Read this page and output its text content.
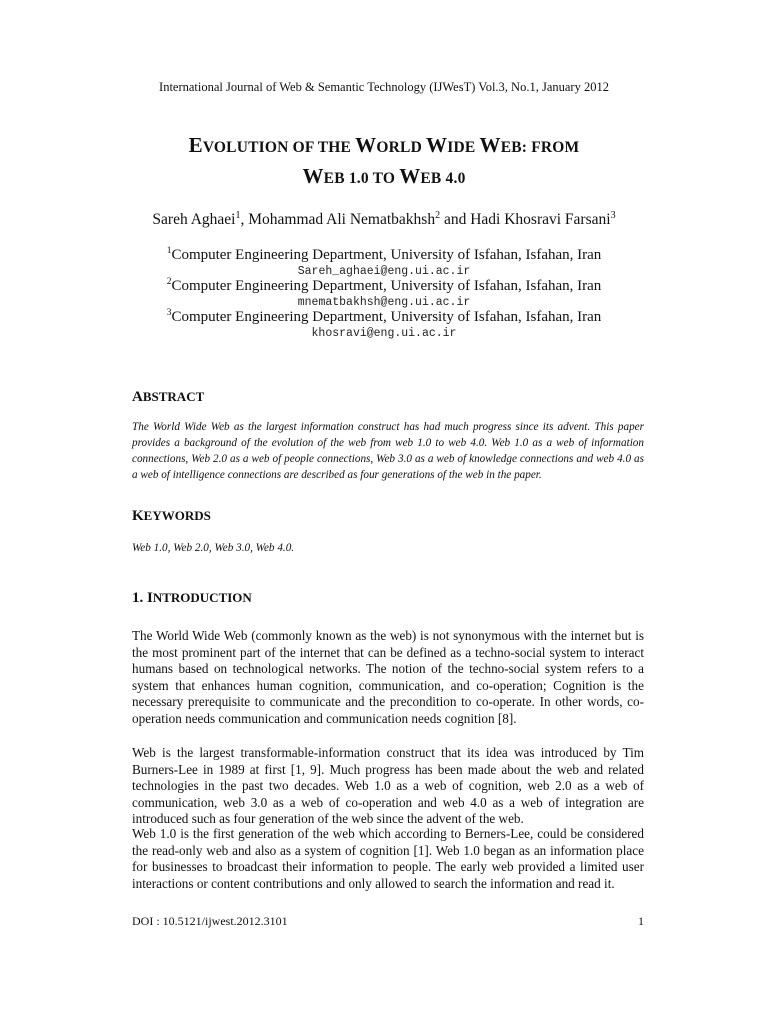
International Journal of Web & Semantic Technology (IJWesT) Vol.3, No.1, January 2012
EVOLUTION OF THE WORLD WIDE WEB: FROM
WEB 1.0 TO WEB 4.0
Sareh Aghaei$^1$, Mohammad Ali Nematbakhsh$^2$ and Hadi Khosravi Farsani$^3$
$^1$Computer Engineering Department, University of Isfahan, Isfahan, Iran
Sareh_aghaei@eng.ui.ac.ir
$^2$Computer Engineering Department, University of Isfahan, Isfahan, Iran
mnematbakhsh@eng.ui.ac.ir
$^3$Computer Engineering Department, University of Isfahan, Isfahan, Iran
khosravi@eng.ui.ac.ir
ABSTRACT
The World Wide Web as the largest information construct has had much progress since its advent. This paper provides a background of the evolution of the web from web 1.0 to web 4.0. Web 1.0 as a web of information connections, Web 2.0 as a web of people connections, Web 3.0 as a web of knowledge connections and web 4.0 as a web of intelligence connections are described as four generations of the web in the paper.
KEYWORDS
Web 1.0, Web 2.0, Web 3.0, Web 4.0.
1. INTRODUCTION

The World Wide Web (commonly known as the web) is not synonymous with the internet but is the most prominent part of the internet that can be defined as a techno-social system to interact humans based on technological networks. The notion of the techno-social system refers to a system that enhances human cognition, communication, and co-operation; Cognition is the necessary prerequisite to communicate and the precondition to co-operate. In other words, co-operation needs communication and communication needs cognition [8].

Web is the largest transformable-information construct that its idea was introduced by Tim Burners-Lee in 1989 at first [1, 9]. Much progress has been made about the web and related technologies in the past two decades. Web 1.0 as a web of cognition, web 2.0 as a web of communication, web 3.0 as a web of co-operation and web 4.0 as a web of integration are introduced such as four generation of the web since the advent of the web.

Web 1.0 is the first generation of the web which according to Berners-Lee, could be considered the read-only web and also as a system of cognition [1]. Web 1.0 began as an information place for businesses to broadcast their information to people. The early web provided a limited user interactions or content contributions and only allowed to search the information and read it.

DOI : 10.5121/ijwest.2012.3101	1
